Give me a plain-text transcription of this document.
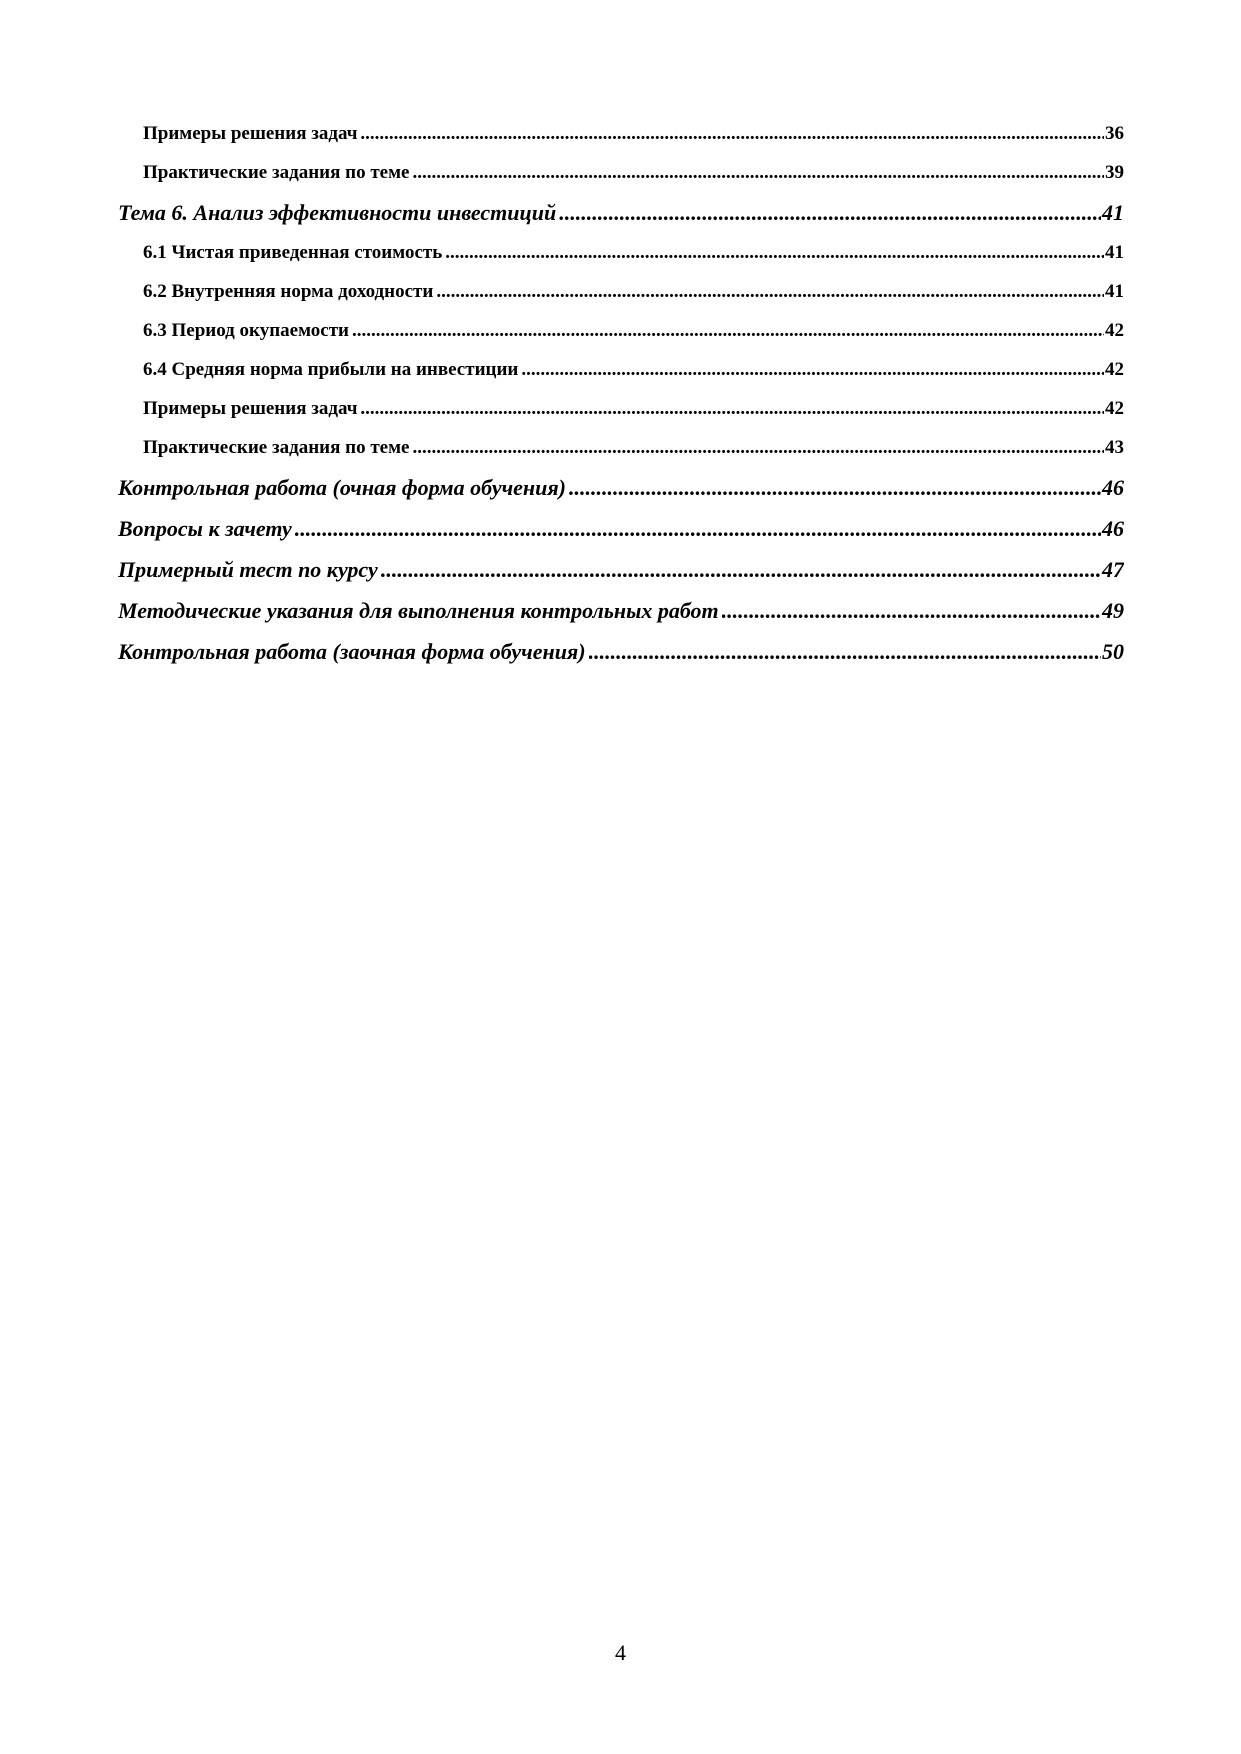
Примеры решения задач .....	36
Практические задания по теме .....	39
Тема 6. Анализ эффективности инвестиций .....	41
6.1 Чистая приведенная стоимость .....	41
6.2 Внутренняя норма доходности .....	41
6.3 Период окупаемости .....	42
6.4 Средняя норма прибыли на инвестиции .....	42
Примеры решения задач .....	42
Практические задания по теме .....	43
Контрольная работа (очная форма обучения) .....	46
Вопросы к зачету .....	46
Примерный тест по курсу .....	47
Методические указания для выполнения контрольных работ .....	49
Контрольная работа (заочная форма обучения) .....	50
4
